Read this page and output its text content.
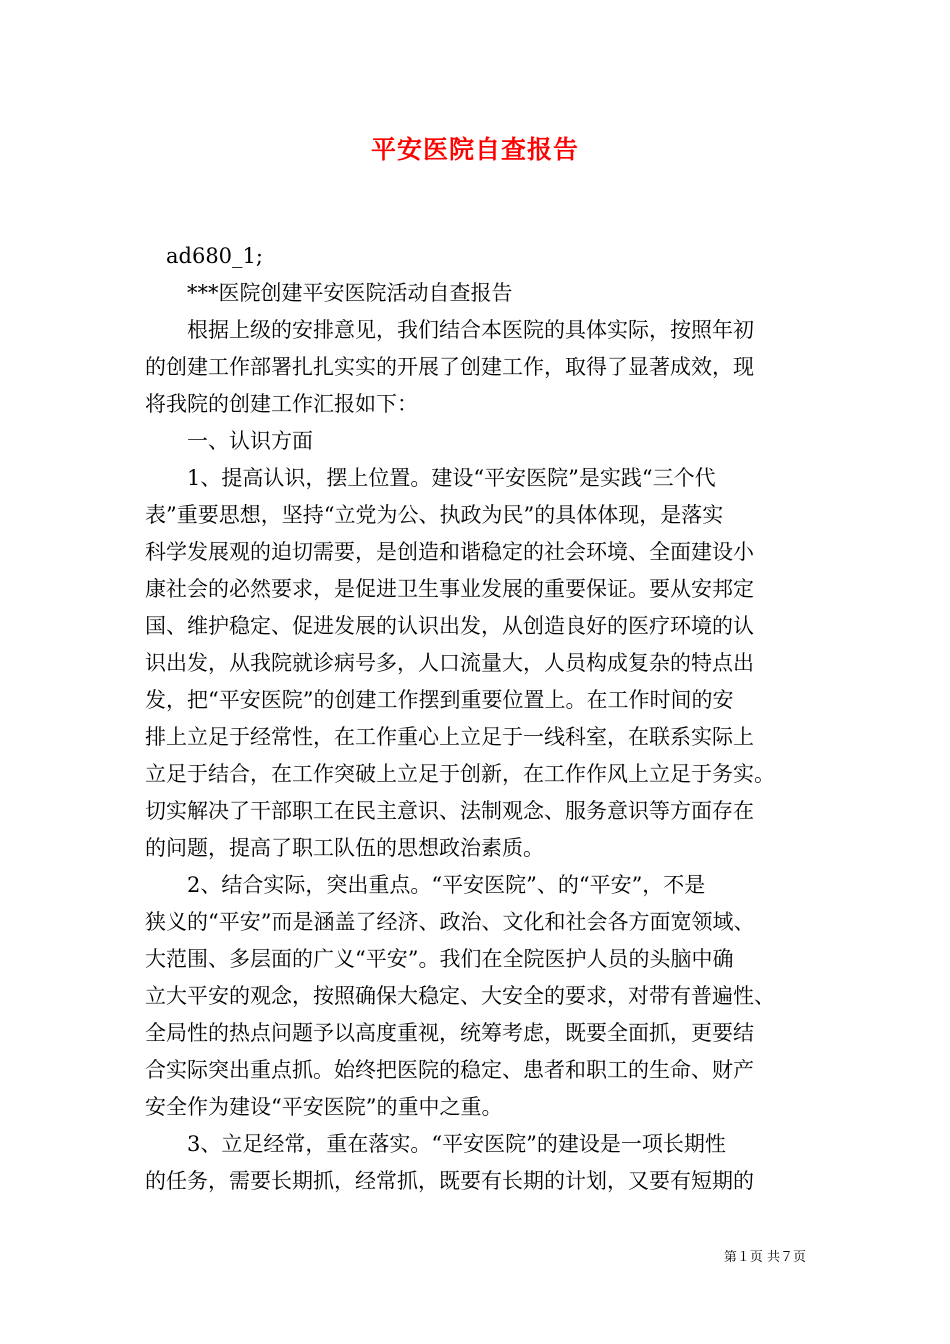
平安医院自查报告
　ad680_1;
　　***医院创建平安医院活动自查报告
　　根据上级的安排意见，我们结合本医院的具体实际，按照年初
的创建工作部署扎扎实实的开展了创建工作，取得了显著成效，现
将我院的创建工作汇报如下：
　　一、认识方面
　　1、提高认识，摆上位置。建设“平安医院”是实践“三个代
表”重要思想，坚持“立党为公、执政为民”的具体体现，是落实
科学发展观的迫切需要，是创造和谐稳定的社会环境、全面建设小
康社会的必然要求，是促进卫生事业发展的重要保证。要从安邦定
国、维护稳定、促进发展的认识出发，从创造良好的医疗环境的认
识出发，从我院就诊病号多，人口流量大，人员构成复杂的特点出
发，把“平安医院”的创建工作摆到重要位置上。在工作时间的安
排上立足于经常性，在工作重心上立足于一线科室，在联系实际上
立足于结合，在工作突破上立足于创新，在工作作风上立足于务实。
切实解决了干部职工在民主意识、法制观念、服务意识等方面存在
的问题，提高了职工队伍的思想政治素质。
　　2、结合实际，突出重点。“平安医院”、的“平安”，不是
狭义的“平安”而是涵盖了经济、政治、文化和社会各方面宽领域、
大范围、多层面的广义“平安”。我们在全院医护人员的头脑中确
立大平安的观念，按照确保大稳定、大安全的要求，对带有普遍性、
全局性的热点问题予以高度重视，统筹考虑，既要全面抓，更要结
合实际突出重点抓。始终把医院的稳定、患者和职工的生命、财产
安全作为建设“平安医院”的重中之重。
　　3、立足经常，重在落实。“平安医院”的建设是一项长期性
的任务，需要长期抓，经常抓，既要有长期的计划，又要有短期的
第１页 共７页
